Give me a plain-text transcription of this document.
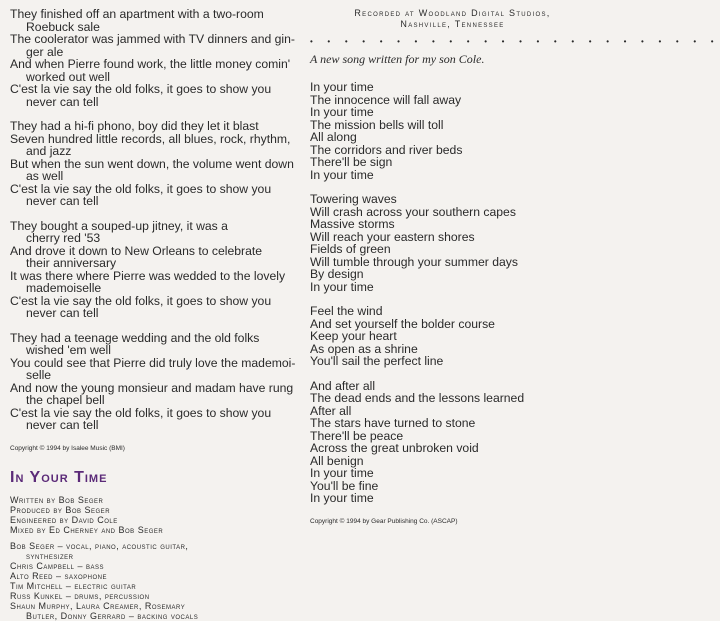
They finished off an apartment with a two-room
Roebuck sale
The coolerator was jammed with TV dinners and gin-
ger ale
And when Pierre found work, the little money comin'
worked out well
C'est la vie say the old folks, it goes to show you
never can tell
They had a hi-fi phono, boy did they let it blast
Seven hundred little records, all blues, rock, rhythm,
and jazz
But when the sun went down, the volume went down
as well
C'est la vie say the old folks, it goes to show you
never can tell
They bought a souped-up jitney, it was a
cherry red '53
And drove it down to New Orleans to celebrate
their anniversary
It was there where Pierre was wedded to the lovely
mademoiselle
C'est la vie say the old folks, it goes to show you
never can tell
They had a teenage wedding and the old folks
wished 'em well
You could see that Pierre did truly love the mademoi-
selle
And now the young monsieur and madam have rung
the chapel bell
C'est la vie say the old folks, it goes to show you
never can tell
Copyright © 1994 by Isalee Music (BMI)
In Your Time
Written by Bob Seger
Produced by Bob Seger
Engineered by David Cole
Mixed by Ed Cherney and Bob Seger
Bob Seger – vocal, piano, acoustic guitar,
synthesizer
Chris Campbell – bass
Alto Reed – saxophone
Tim Mitchell – electric guitar
Russ Kunkel – drums, percussion
Shaun Murphy, Laura Creamer, Rosemary
Butler, Donny Gerrard – backing vocals
Recorded at Woodland Digital Studios,
Nashville, Tennessee
• • • • • • • • • • • • • • • • • • • • • • • •
A new song written for my son Cole.
In your time
The innocence will fall away
In your time
The mission bells will toll
All along
The corridors and river beds
There'll be sign
In your time
Towering waves
Will crash across your southern capes
Massive storms
Will reach your eastern shores
Fields of green
Will tumble through your summer days
By design
In your time
Feel the wind
And set yourself the bolder course
Keep your heart
As open as a shrine
You'll sail the perfect line
And after all
The dead ends and the lessons learned
After all
The stars have turned to stone
There'll be peace
Across the great unbroken void
All benign
In your time
You'll be fine
In your time
Copyright © 1994 by Gear Publishing Co. (ASCAP)
